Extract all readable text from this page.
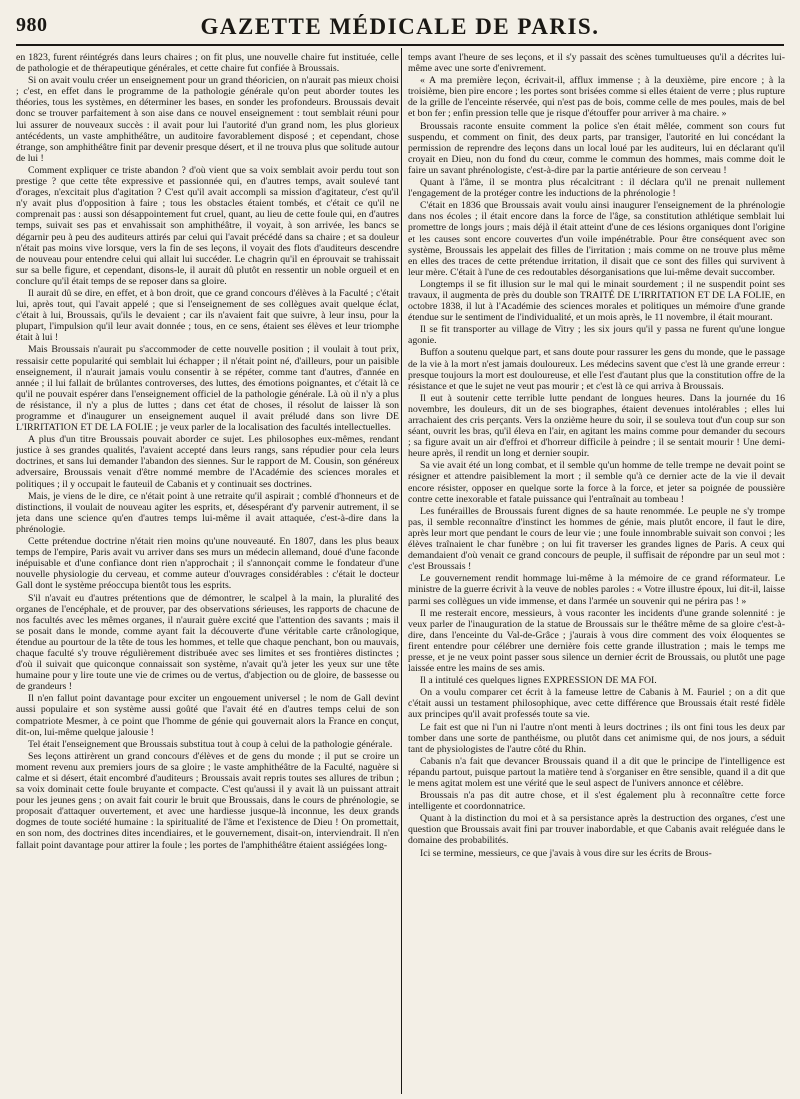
980	GAZETTE MÉDICALE DE PARIS.

en 1823, furent réintégrés dans leurs chaires ; on fit plus, une nouvelle chaire fut instituée, celle de pathologie et de thérapeutique générales, et cette chaire fut confiée à Broussais.

Si on avait voulu créer un enseignement pour un grand théoricien, on n'aurait pas mieux choisi ; c'est, en effet dans le programme de la pathologie générale qu'on peut aborder toutes les théories, tous les systèmes, en déterminer les bases, en sonder les profondeurs. Broussais devait donc se trouver parfaitement à son aise dans ce nouvel enseignement : tout semblait réuni pour lui assurer de nouveaux succès : il avait pour lui l'autorité d'un grand nom, les plus glorieux antécédents, un vaste amphithéâtre, un auditoire favorablement disposé ; et cependant, chose étrange, son amphithéâtre finit par devenir presque désert, et il ne trouva plus que solitude autour de lui !

Comment expliquer ce triste abandon ? d'où vient que sa voix semblait avoir perdu tout son prestige ? que cette tête expressive et passionnée qui, en d'autres temps, avait soulevé tant d'orages, n'excitait plus d'agitation ? C'est qu'il avait accompli sa mission d'agitateur, c'est qu'il n'y avait plus d'opposition à faire ; tous les obstacles étaient tombés, et c'était ce qu'il ne comprenait pas : aussi son désappointement fut cruel, quant, au lieu de cette foule qui, en d'autres temps, suivait ses pas et envahissait son amphithéâtre, il voyait, à son arrivée, les bancs se dégarnir peu à peu des auditeurs attirés par celui qui l'avait précédé dans sa chaire ; et sa douleur n'était pas moins vive lorsque, vers la fin de ses leçons, il voyait des flots d'auditeurs descendre de nouveau pour entendre celui qui allait lui succéder. Le chagrin qu'il en éprouvait se trahissait sur sa belle figure, et cependant, disons-le, il aurait dû plutôt en ressentir un noble orgueil et en conclure qu'il était temps de se reposer dans sa gloire.

Il aurait dû se dire, en effet, et à bon droit, que ce grand concours d'élèves à la Faculté ; c'était lui, après tout, qui l'avait appelé ; que si l'enseignement de ses collègues avait quelque éclat, c'était à lui, Broussais, qu'ils le devaient ; car ils n'avaient fait que suivre, à leur insu, pour la plupart, l'impulsion qu'il leur avait donnée ; tous, en ce sens, étaient ses élèves et leur triomphe était à lui !

Mais Broussais n'aurait pu s'accommoder de cette nouvelle position ; il voulait à tout prix, ressaisir cette popularité qui semblait lui échapper ; il n'était point né, d'ailleurs, pour un paisible enseignement, il n'aurait jamais voulu consentir à se répéter, comme tant d'autres, d'année en année ; il lui fallait de brûlantes controverses, des luttes, des émotions poignantes, et c'était là ce qu'il ne pouvait espérer dans l'enseignement officiel de la pathologie générale. Là où il n'y a plus de résistance, il n'y a plus de luttes ; dans cet état de choses, il résolut de laisser là son programme et d'inaugurer un enseignement auquel il avait préludé dans son livre DE L'IRRITATION ET DE LA FOLIE ; je veux parler de la localisation des facultés intellectuelles.

A plus d'un titre Broussais pouvait aborder ce sujet. Les philosophes eux-mêmes, rendant justice à ses grandes qualités, l'avaient accepté dans leurs rangs, sans répudier pour cela leurs doctrines, et sans lui demander l'abandon des siennes. Sur le rapport de M. Cousin, son généreux adversaire, Broussais venait d'être nommé membre de l'Académie des sciences morales et politiques ; il y occupait le fauteuil de Cabanis et y continuait ses doctrines.

Mais, je viens de le dire, ce n'était point à une retraite qu'il aspirait ; comblé d'honneurs et de distinctions, il voulait de nouveau agiter les esprits, et, désespérant d'y parvenir autrement, il se jeta dans une science qu'en d'autres temps lui-même il avait attaquée, c'est-à-dire dans la phrénologie.

Cette prétendue doctrine n'était rien moins qu'une nouveauté. En 1807, dans les plus beaux temps de l'empire, Paris avait vu arriver dans ses murs un médecin allemand, doué d'une faconde inépuisable et d'une confiance dont rien n'approchait ; il s'annonçait comme le fondateur d'une nouvelle physiologie du cerveau, et comme auteur d'ouvrages considérables : c'était le docteur Gall dont le système préoccupa bientôt tous les esprits.

S'il n'avait eu d'autres prétentions que de démontrer, le scalpel à la main, la pluralité des organes de l'encéphale, et de prouver, par des observations sérieuses, les rapports de chacune de nos facultés avec les mêmes organes, il n'aurait guère excité que l'attention des savants ; mais il se posait dans le monde, comme ayant fait la découverte d'une véritable carte crânologique, étendue au pourtour de la tête de tous les hommes, et telle que chaque penchant, bon ou mauvais, chaque faculté s'y trouve régulièrement distribuée avec ses limites et ses frontières distinctes ; d'où il suivait que quiconque connaissait son système, n'avait qu'à jeter les yeux sur une tête humaine pour y lire toute une vie de crimes ou de vertus, d'abjection ou de gloire, de bassesse ou de grandeurs !

Il n'en fallut point davantage pour exciter un engouement universel ; le nom de Gall devint aussi populaire et son système aussi goûté que l'avait été en d'autres temps celui de son compatriote Mesmer, à ce point que l'homme de génie qui gouvernait alors la France en conçut, dit-on, lui-même quelque jalousie !

Tel était l'enseignement que Broussais substitua tout à coup à celui de la pathologie générale.

Ses leçons attirèrent un grand concours d'élèves et de gens du monde ; il put se croire un moment revenu aux premiers jours de sa gloire ; le vaste amphithéâtre de la Faculté, naguère si calme et si désert, était encombré d'auditeurs ; Broussais avait repris toutes ses allures de tribun ; sa voix dominait cette foule bruyante et compacte. C'est qu'aussi il y avait là un puissant attrait pour les jeunes gens ; on avait fait courir le bruit que Broussais, dans le cours de phrénologie, se proposait d'attaquer ouvertement, et avec une hardiesse jusque-là inconnue, les deux grands dogmes de toute société humaine : la spiritualité de l'âme et l'existence de Dieu ! On promettait, en son nom, des doctrines dites incendiaires, et le gouvernement, disait-on, interviendrait. Il n'en fallait point davantage pour attirer la foule ; les portes de l'amphithéâtre étaient assiégées long-

temps avant l'heure de ses leçons, et il s'y passait des scènes tumultueuses qu'il a décrites lui-même avec une sorte d'enivrement.

« A ma première leçon, écrivait-il, afflux immense ; à la deuxième, pire encore ; à la troisième, bien pire encore ; les portes sont brisées comme si elles étaient de verre ; plus rupture de la grille de l'enceinte réservée, qui n'est pas de bois, comme celle de mes poules, mais de bel et bon fer ; enfin pression telle que je risque d'étouffer pour arriver à ma chaire. »

Broussais raconte ensuite comment la police s'en était mêlée, comment son cours fut suspendu, et comment on finit, des deux parts, par transiger, l'autorité en lui concédant la permission de reprendre des leçons dans un local loué par les auditeurs, lui en déclarant qu'il croyait en Dieu, non du fond du cœur, comme le commun des hommes, mais comme doit le faire un savant phrénologiste, c'est-à-dire par la partie antérieure de son cerveau !

Quant à l'âme, il se montra plus récalcitrant : il déclara qu'il ne prenait nullement l'engagement de la protéger contre les inductions de la phrénologie !

C'était en 1836 que Broussais avait voulu ainsi inaugurer l'enseignement de la phrénologie dans nos écoles ; il était encore dans la force de l'âge, sa constitution athlétique semblait lui promettre de longs jours ; mais déjà il était atteint d'une de ces lésions organiques dont l'origine et les causes sont encore couvertes d'un voile impénétrable. Pour être conséquent avec son système, Broussais les appelait des filles de l'irritation ; mais comme on ne trouve plus même en elles des traces de cette prétendue irritation, il disait que ce sont des filles qui survivent à leur mère. C'était à l'une de ces redoutables désorganisations que lui-même devait succomber.

Longtemps il se fit illusion sur le mal qui le minait sourdement ; il ne suspendit point ses travaux, il augmenta de près du double son TRAITÉ DE L'IRRITATION ET DE LA FOLIE, en octobre 1838, il lut à l'Académie des sciences morales et politiques un mémoire d'une grande étendue sur le sentiment de l'individualité, et un mois après, le 11 novembre, il était mourant.

Il se fit transporter au village de Vitry ; les six jours qu'il y passa ne furent qu'une longue agonie.

Buffon a soutenu quelque part, et sans doute pour rassurer les gens du monde, que le passage de la vie à la mort n'est jamais douloureux. Les médecins savent que c'est là une grande erreur : presque toujours la mort est douloureuse, et elle l'est d'autant plus que la constitution offre de la résistance et que le sujet ne veut pas mourir ; et c'est là ce qui arriva à Broussais.

Il eut à soutenir cette terrible lutte pendant de longues heures. Dans la journée du 16 novembre, les douleurs, dit un de ses biographes, étaient devenues intolérables ; elles lui arrachaient des cris perçants. Vers la onzième heure du soir, il se souleva tout d'un coup sur son séant, ouvrit les bras, qu'il éleva en l'air, en agitant les mains comme pour demander du secours ; sa figure avait un air d'effroi et d'horreur difficile à peindre ; il se sentait mourir ! Une demi-heure après, il rendit un long et dernier soupir.

Sa vie avait été un long combat, et il semble qu'un homme de telle trempe ne devait point se résigner et attendre paisiblement la mort ; il semble qu'à ce dernier acte de la vie il devait encore résister, opposer en quelque sorte la force à la force, et jeter sa poignée de poussière contre cette inexorable et fatale puissance qui l'entraînait au tombeau !

Les funérailles de Broussais furent dignes de sa haute renommée. Le peuple ne s'y trompe pas, il semble reconnaître d'instinct les hommes de génie, mais plutôt encore, il faut le dire, après leur mort que pendant le cours de leur vie ; une foule innombrable suivait son convoi ; les élèves traînaient le char funèbre ; on lui fit traverser les grandes lignes de Paris. A ceux qui demandaient d'où venait ce grand concours de peuple, il suffisait de répondre par un seul mot : c'est Broussais !

Le gouvernement rendit hommage lui-même à la mémoire de ce grand réformateur. Le ministre de la guerre écrivit à la veuve de nobles paroles : « Votre illustre époux, lui dit-il, laisse parmi ses collègues un vide immense, et dans l'armée un souvenir qui ne périra pas ! »

Il me resterait encore, messieurs, à vous raconter les incidents d'une grande solennité : je veux parler de l'inauguration de la statue de Broussais sur le théâtre même de sa gloire c'est-à-dire, dans l'enceinte du Val-de-Grâce ; j'aurais à vous dire comment des voix éloquentes se firent entendre pour célébrer une dernière fois cette grande illustration ; mais le temps me presse, et je ne veux point passer sous silence un dernier écrit de Broussais, ou plutôt une page laissée entre les mains de ses amis.

Il a intitulé ces quelques lignes EXPRESSION DE MA FOI.

On a voulu comparer cet écrit à la fameuse lettre de Cabanis à M. Fauriel ; on a dit que c'était aussi un testament philosophique, avec cette différence que Broussais était resté fidèle aux principes qu'il avait professés toute sa vie.

Le fait est que ni l'un ni l'autre n'ont menti à leurs doctrines ; ils ont fini tous les deux par tomber dans une sorte de panthéisme, ou plutôt dans cet animisme qui, de nos jours, a séduit tant de physiologistes de l'autre côté du Rhin.

Cabanis n'a fait que devancer Broussais quand il a dit que le principe de l'intelligence est répandu partout, puisque partout la matière tend à s'organiser en être sensible, quand il a dit que le mens agitat molem est une vérité que le seul aspect de l'univers annonce et célèbre.

Broussais n'a pas dit autre chose, et il s'est également plu à reconnaître cette force intelligente et coordonnatrice.

Quant à la distinction du moi et à sa persistance après la destruction des organes, c'est une question que Broussais avait fini par trouver inabordable, et que Cabanis avait reléguée dans le domaine des probabilités.

Ici se termine, messieurs, ce que j'avais à vous dire sur les écrits de Brous-
